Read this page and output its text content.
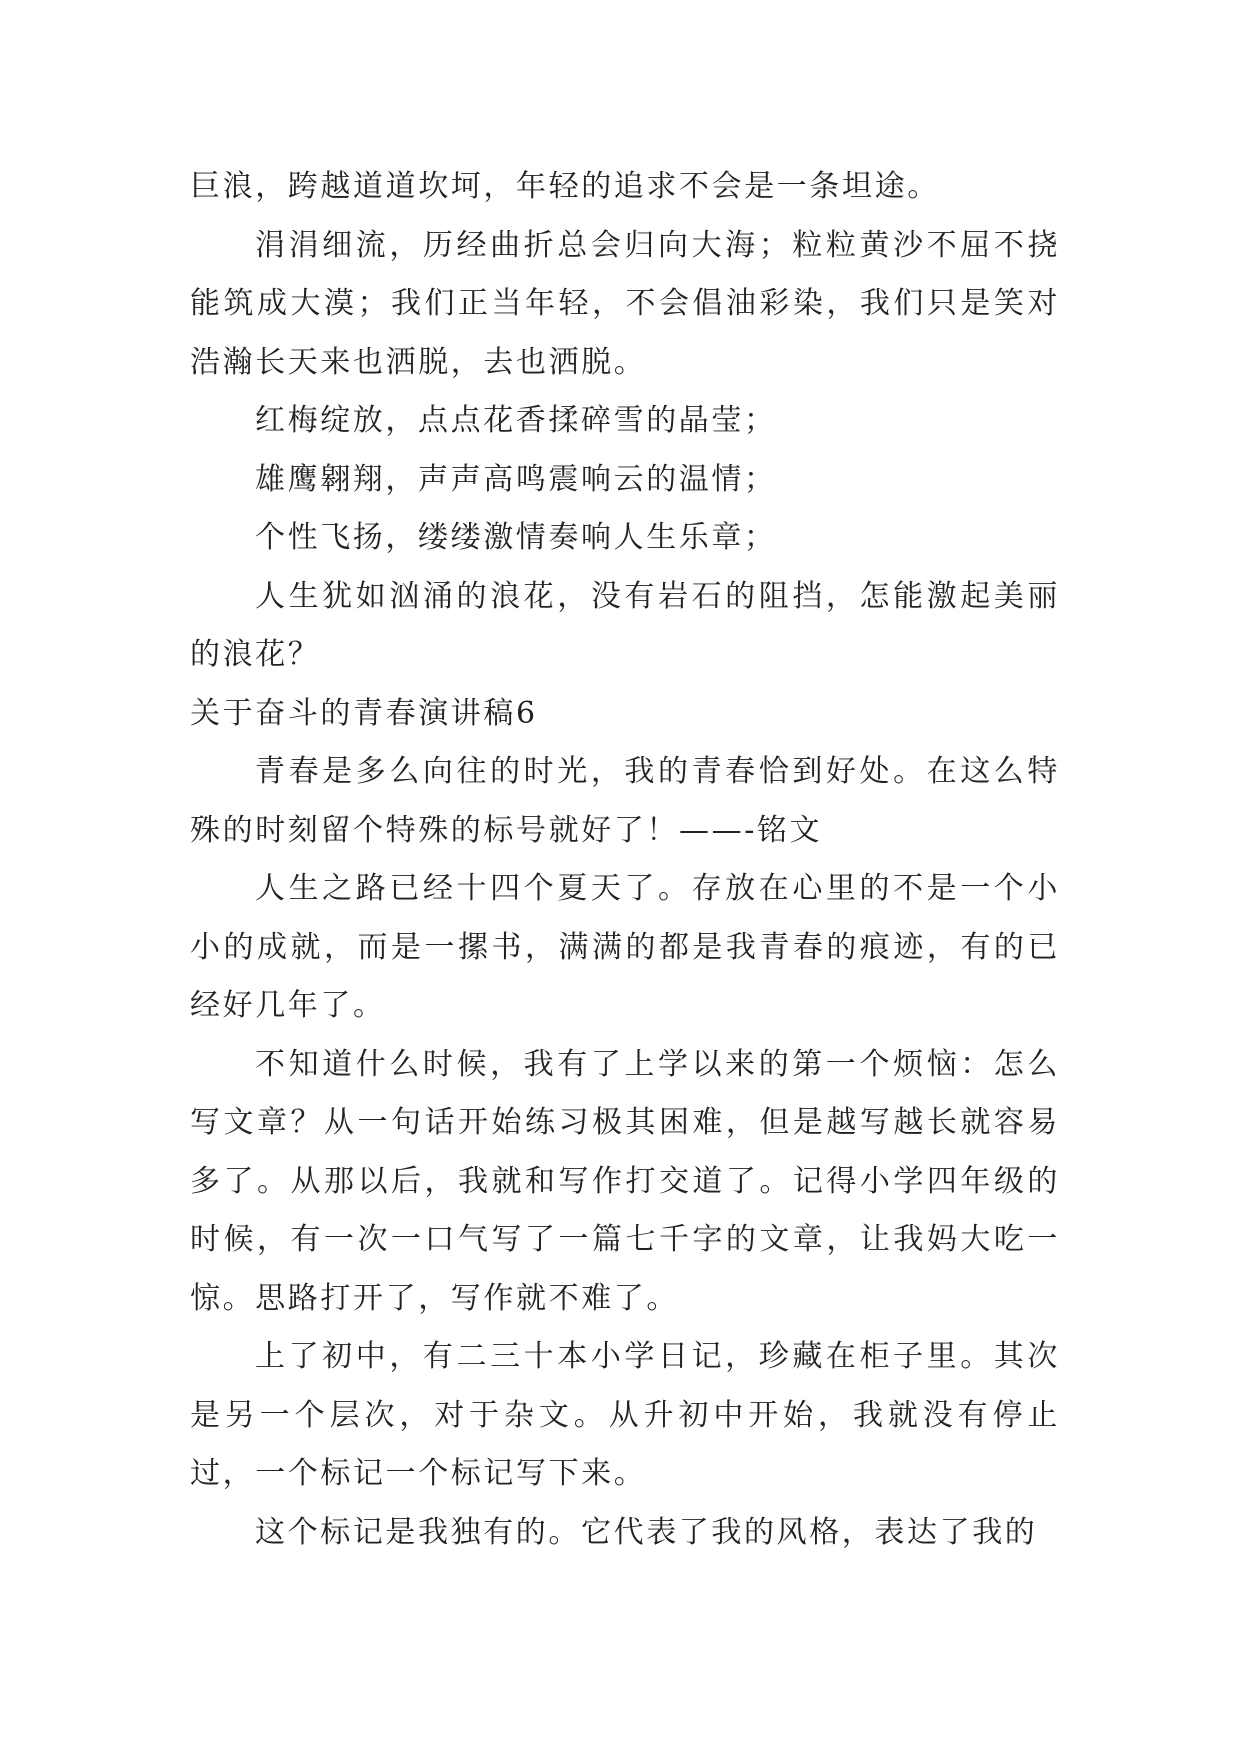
巨浪，跨越道道坎坷，年轻的追求不会是一条坦途。

涓涓细流，历经曲折总会归向大海；粒粒黄沙不屈不挠能筑成大漠；我们正当年轻，不会倡油彩染，我们只是笑对浩瀚长天来也洒脱，去也洒脱。

红梅绽放，点点花香揉碎雪的晶莹；

雄鹰翱翔，声声高鸣震响云的温情；

个性飞扬，缕缕激情奏响人生乐章；

人生犹如汹涌的浪花，没有岩石的阻挡，怎能激起美丽的浪花？

关于奋斗的青春演讲稿6

青春是多么向往的时光，我的青春恰到好处。在这么特殊的时刻留个特殊的标号就好了！——-铭文

人生之路已经十四个夏天了。存放在心里的不是一个小小的成就，而是一摞书，满满的都是我青春的痕迹，有的已经好几年了。

不知道什么时候，我有了上学以来的第一个烦恼：怎么写文章？从一句话开始练习极其困难，但是越写越长就容易多了。从那以后，我就和写作打交道了。记得小学四年级的时候，有一次一口气写了一篇七千字的文章，让我妈大吃一惊。思路打开了，写作就不难了。

上了初中，有二三十本小学日记，珍藏在柜子里。其次是另一个层次，对于杂文。从升初中开始，我就没有停止过，一个标记一个标记写下来。

这个标记是我独有的。它代表了我的风格，表达了我的
